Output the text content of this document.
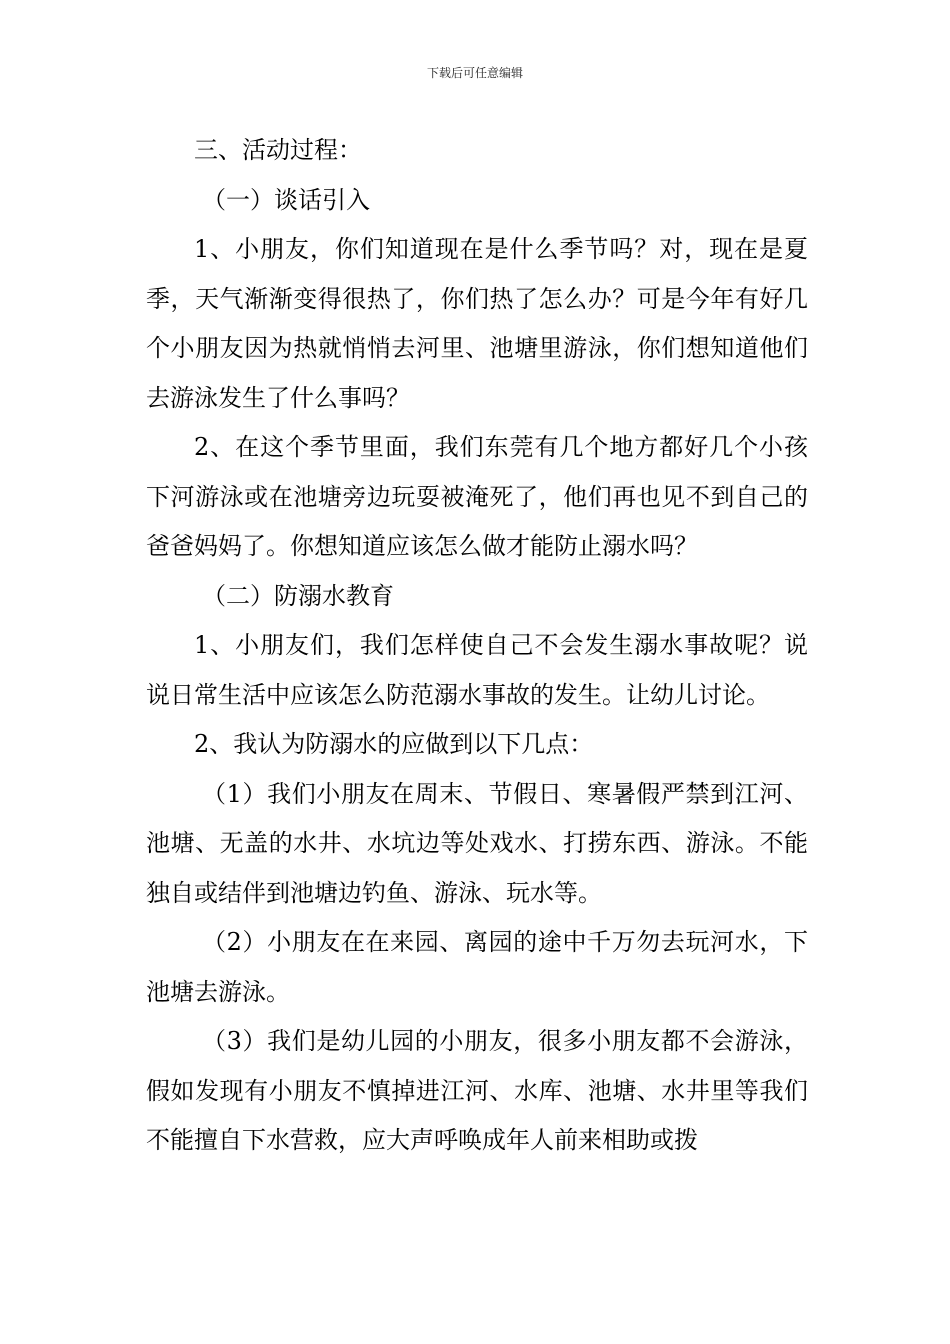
下载后可任意编辑

三、活动过程：

（一）谈话引入

1、小朋友，你们知道现在是什么季节吗？对，现在是夏季，天气渐渐变得很热了，你们热了怎么办？可是今年有好几个小朋友因为热就悄悄去河里、池塘里游泳，你们想知道他们去游泳发生了什么事吗？

2、在这个季节里面，我们东莞有几个地方都好几个小孩下河游泳或在池塘旁边玩耍被淹死了，他们再也见不到自己的爸爸妈妈了。你想知道应该怎么做才能防止溺水吗？

（二）防溺水教育

1、小朋友们，我们怎样使自己不会发生溺水事故呢？说说日常生活中应该怎么防范溺水事故的发生。让幼儿讨论。

2、我认为防溺水的应做到以下几点：

（1）我们小朋友在周末、节假日、寒暑假严禁到江河、池塘、无盖的水井、水坑边等处戏水、打捞东西、游泳。不能独自或结伴到池塘边钓鱼、游泳、玩水等。

（2）小朋友在在来园、离园的途中千万勿去玩河水，下池塘去游泳。

（3）我们是幼儿园的小朋友，很多小朋友都不会游泳，假如发现有小朋友不慎掉进江河、水库、池塘、水井里等我们不能擅自下水营救，应大声呼唤成年人前来相助或拨
